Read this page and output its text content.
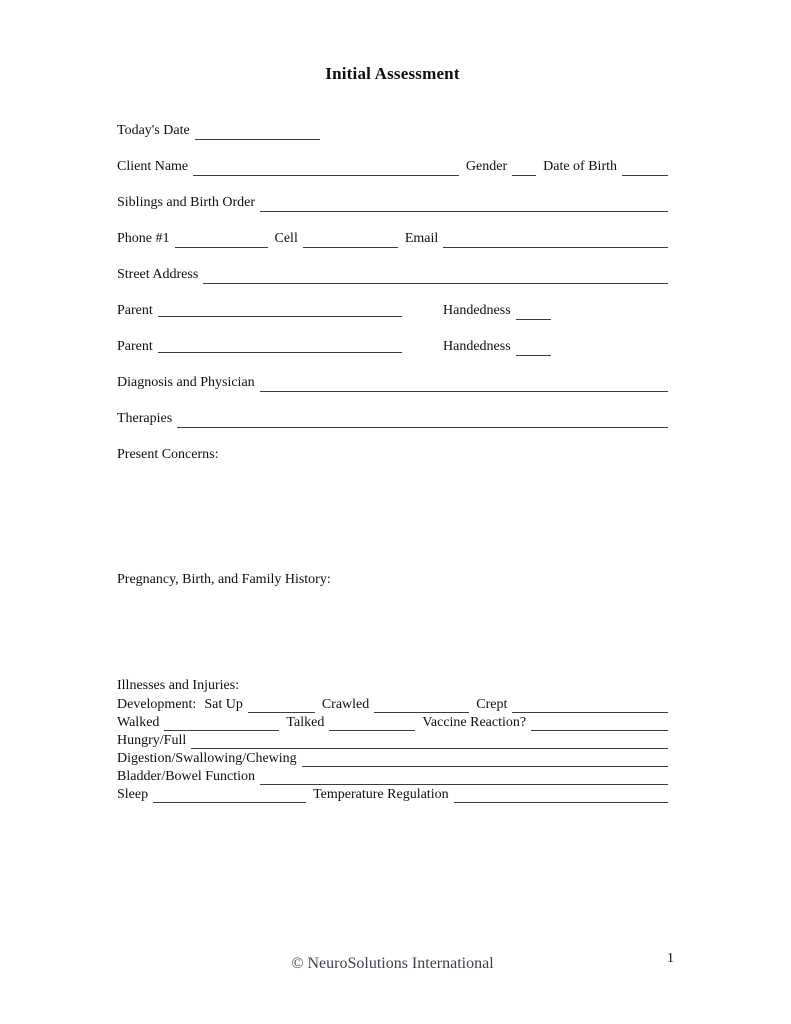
Initial Assessment
Today's Date
Client Name	Gender	Date of Birth
Siblings and Birth Order
Phone #1	Cell	Email
Street Address
Parent	Handedness
Parent	Handedness
Diagnosis and Physician
Therapies
Present Concerns:
Pregnancy, Birth, and Family History:
Illnesses and Injuries:
Development: Sat Up	Crawled	Crept
Walked	Talked	Vaccine Reaction?
Hungry/Full
Digestion/Swallowing/Chewing
Bladder/Bowel Function
Sleep	Temperature Regulation
© NeuroSolutions International	1
